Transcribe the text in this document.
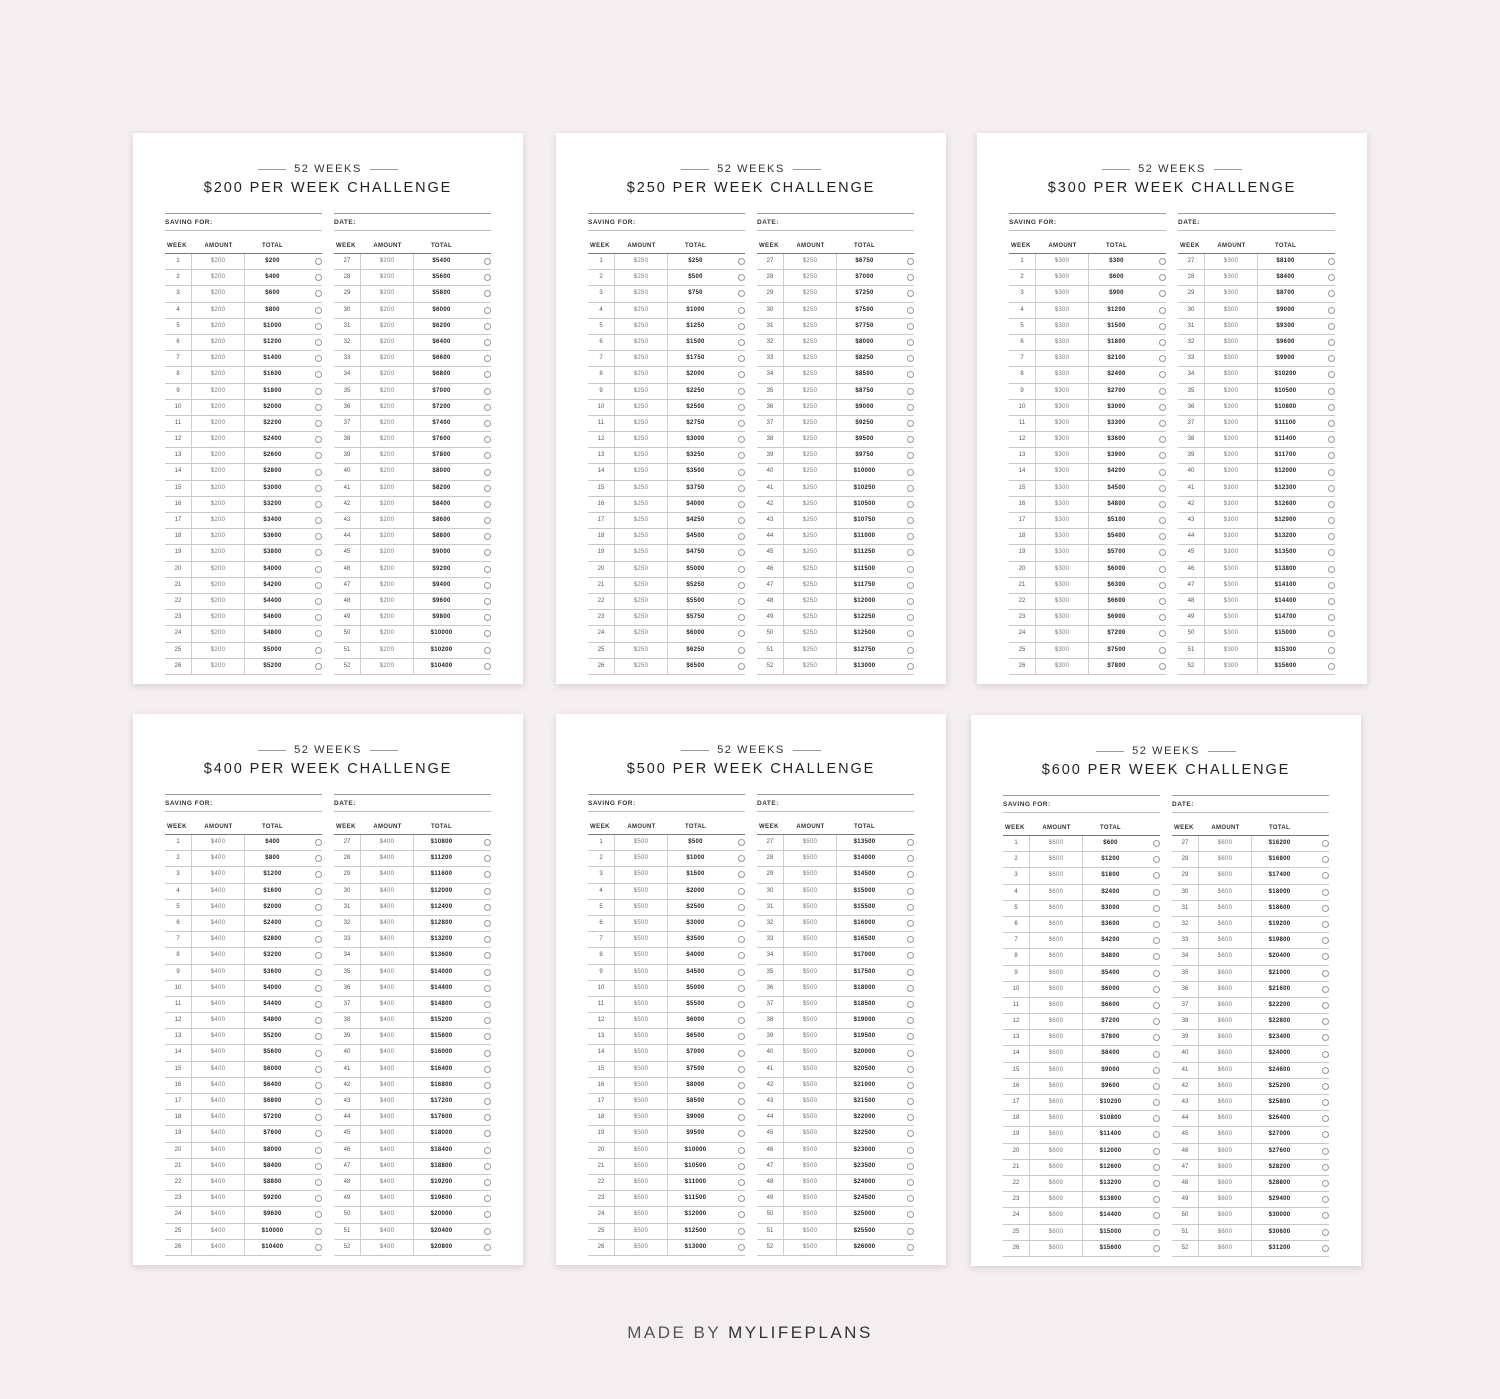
52 WEEKS
$200 PER WEEK CHALLENGE
SAVING FOR:	DATE:
WEEK	AMOUNT	TOTAL
1	$200	$200
2	$200	$400
3	$200	$600
4	$200	$800
5	$200	$1000
6	$200	$1200
7	$200	$1400
8	$200	$1600
9	$200	$1800
10	$200	$2000
11	$200	$2200
12	$200	$2400
13	$200	$2600
14	$200	$2800
15	$200	$3000
16	$200	$3200
17	$200	$3400
18	$200	$3600
19	$200	$3800
20	$200	$4000
21	$200	$4200
22	$200	$4400
23	$200	$4600
24	$200	$4800
25	$200	$5000
26	$200	$5200
WEEK	AMOUNT	TOTAL
27	$200	$5400
28	$200	$5600
29	$200	$5800
30	$200	$6000
31	$200	$6200
32	$200	$6400
33	$200	$6600
34	$200	$6800
35	$200	$7000
36	$200	$7200
37	$200	$7400
38	$200	$7600
39	$200	$7800
40	$200	$8000
41	$200	$8200
42	$200	$8400
43	$200	$8600
44	$200	$8800
45	$200	$9000
46	$200	$9200
47	$200	$9400
48	$200	$9600
49	$200	$9800
50	$200	$10000
51	$200	$10200
52	$200	$10400
52 WEEKS
$250 PER WEEK CHALLENGE
SAVING FOR:	DATE:
WEEK	AMOUNT	TOTAL
1	$250	$250
2	$250	$500
3	$250	$750
4	$250	$1000
5	$250	$1250
6	$250	$1500
7	$250	$1750
8	$250	$2000
9	$250	$2250
10	$250	$2500
11	$250	$2750
12	$250	$3000
13	$250	$3250
14	$250	$3500
15	$250	$3750
16	$250	$4000
17	$250	$4250
18	$250	$4500
19	$250	$4750
20	$250	$5000
21	$250	$5250
22	$250	$5500
23	$250	$5750
24	$250	$6000
25	$250	$6250
26	$250	$6500
WEEK	AMOUNT	TOTAL
27	$250	$6750
28	$250	$7000
29	$250	$7250
30	$250	$7500
31	$250	$7750
32	$250	$8000
33	$250	$8250
34	$250	$8500
35	$250	$8750
36	$250	$9000
37	$250	$9250
38	$250	$9500
39	$250	$9750
40	$250	$10000
41	$250	$10250
42	$250	$10500
43	$250	$10750
44	$250	$11000
45	$250	$11250
46	$250	$11500
47	$250	$11750
48	$250	$12000
49	$250	$12250
50	$250	$12500
51	$250	$12750
52	$250	$13000
52 WEEKS
$300 PER WEEK CHALLENGE
SAVING FOR:	DATE:
WEEK	AMOUNT	TOTAL
1	$300	$300
2	$300	$600
3	$300	$900
4	$300	$1200
5	$300	$1500
6	$300	$1800
7	$300	$2100
8	$300	$2400
9	$300	$2700
10	$300	$3000
11	$300	$3300
12	$300	$3600
13	$300	$3900
14	$300	$4200
15	$300	$4500
16	$300	$4800
17	$300	$5100
18	$300	$5400
19	$300	$5700
20	$300	$6000
21	$300	$6300
22	$300	$6600
23	$300	$6900
24	$300	$7200
25	$300	$7500
26	$300	$7800
WEEK	AMOUNT	TOTAL
27	$300	$8100
28	$300	$8400
29	$300	$8700
30	$300	$9000
31	$300	$9300
32	$300	$9600
33	$300	$9900
34	$300	$10200
35	$300	$10500
36	$300	$10800
37	$300	$11100
38	$300	$11400
39	$300	$11700
40	$300	$12000
41	$300	$12300
42	$300	$12600
43	$300	$12900
44	$300	$13200
45	$300	$13500
46	$300	$13800
47	$300	$14100
48	$300	$14400
49	$300	$14700
50	$300	$15000
51	$300	$15300
52	$300	$15600
52 WEEKS
$400 PER WEEK CHALLENGE
SAVING FOR:	DATE:
WEEK	AMOUNT	TOTAL
1	$400	$400
2	$400	$800
3	$400	$1200
4	$400	$1600
5	$400	$2000
6	$400	$2400
7	$400	$2800
8	$400	$3200
9	$400	$3600
10	$400	$4000
11	$400	$4400
12	$400	$4800
13	$400	$5200
14	$400	$5600
15	$400	$6000
16	$400	$6400
17	$400	$6800
18	$400	$7200
19	$400	$7600
20	$400	$8000
21	$400	$8400
22	$400	$8800
23	$400	$9200
24	$400	$9600
25	$400	$10000
26	$400	$10400
WEEK	AMOUNT	TOTAL
27	$400	$10800
28	$400	$11200
29	$400	$11600
30	$400	$12000
31	$400	$12400
32	$400	$12800
33	$400	$13200
34	$400	$13600
35	$400	$14000
36	$400	$14400
37	$400	$14800
38	$400	$15200
39	$400	$15600
40	$400	$16000
41	$400	$16400
42	$400	$16800
43	$400	$17200
44	$400	$17600
45	$400	$18000
46	$400	$18400
47	$400	$18800
48	$400	$19200
49	$400	$19600
50	$400	$20000
51	$400	$20400
52	$400	$20800
52 WEEKS
$500 PER WEEK CHALLENGE
SAVING FOR:	DATE:
WEEK	AMOUNT	TOTAL
1	$500	$500
2	$500	$1000
3	$500	$1500
4	$500	$2000
5	$500	$2500
6	$500	$3000
7	$500	$3500
8	$500	$4000
9	$500	$4500
10	$500	$5000
11	$500	$5500
12	$500	$6000
13	$500	$6500
14	$500	$7000
15	$500	$7500
16	$500	$8000
17	$500	$8500
18	$500	$9000
19	$500	$9500
20	$500	$10000
21	$500	$10500
22	$500	$11000
23	$500	$11500
24	$500	$12000
25	$500	$12500
26	$500	$13000
WEEK	AMOUNT	TOTAL
27	$500	$13500
28	$500	$14000
29	$500	$14500
30	$500	$15000
31	$500	$15500
32	$500	$16000
33	$500	$16500
34	$500	$17000
35	$500	$17500
36	$500	$18000
37	$500	$18500
38	$500	$19000
39	$500	$19500
40	$500	$20000
41	$500	$20500
42	$500	$21000
43	$500	$21500
44	$500	$22000
45	$500	$22500
46	$500	$23000
47	$500	$23500
48	$500	$24000
49	$500	$24500
50	$500	$25000
51	$500	$25500
52	$500	$26000
52 WEEKS
$600 PER WEEK CHALLENGE
SAVING FOR:	DATE:
WEEK	AMOUNT	TOTAL
1	$600	$600
2	$600	$1200
3	$600	$1800
4	$600	$2400
5	$600	$3000
6	$600	$3600
7	$600	$4200
8	$600	$4800
9	$600	$5400
10	$600	$6000
11	$600	$6600
12	$600	$7200
13	$600	$7800
14	$600	$8400
15	$600	$9000
16	$600	$9600
17	$600	$10200
18	$600	$10800
19	$600	$11400
20	$600	$12000
21	$600	$12600
22	$600	$13200
23	$600	$13800
24	$600	$14400
25	$600	$15000
26	$600	$15600
WEEK	AMOUNT	TOTAL
27	$600	$16200
28	$600	$16800
29	$600	$17400
30	$600	$18000
31	$600	$18600
32	$600	$19200
33	$600	$19800
34	$600	$20400
35	$600	$21000
36	$600	$21600
37	$600	$22200
38	$600	$22800
39	$600	$23400
40	$600	$24000
41	$600	$24600
42	$600	$25200
43	$600	$25800
44	$600	$26400
45	$600	$27000
46	$600	$27600
47	$600	$28200
48	$600	$28800
49	$600	$29400
50	$600	$30000
51	$600	$30600
52	$600	$31200
MADE BY MYLIFEPLANS
